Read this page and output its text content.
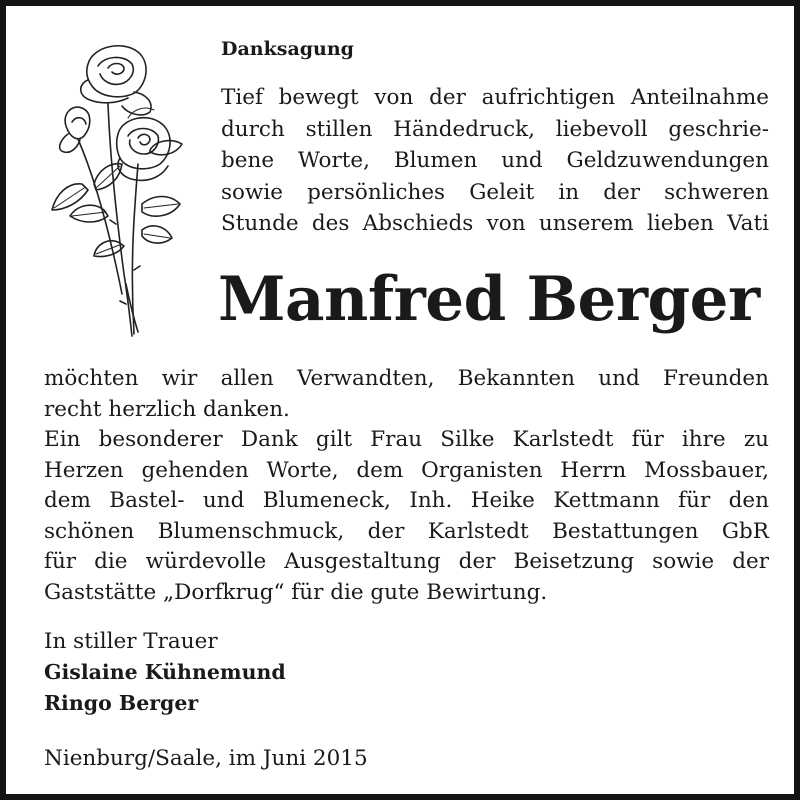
Danksagung
Tief bewegt von der aufrichtigen Anteilnahme
durch stillen Händedruck, liebevoll geschrie-
bene Worte, Blumen und Geldzuwendungen
sowie persönliches Geleit in der schweren
Stunde des Abschieds von unserem lieben Vati
Manfred Berger
möchten wir allen Verwandten, Bekannten und Freunden
recht herzlich danken.
Ein besonderer Dank gilt Frau Silke Karlstedt für ihre zu
Herzen gehenden Worte, dem Organisten Herrn Mossbauer,
dem Bastel- und Blumeneck, Inh. Heike Kettmann für den
schönen Blumenschmuck, der Karlstedt Bestattungen GbR
für die würdevolle Ausgestaltung der Beisetzung sowie der
Gaststätte „Dorfkrug“ für die gute Bewirtung.
In stiller Trauer
Gislaine Kühnemund
Ringo Berger
Nienburg/Saale, im Juni 2015
